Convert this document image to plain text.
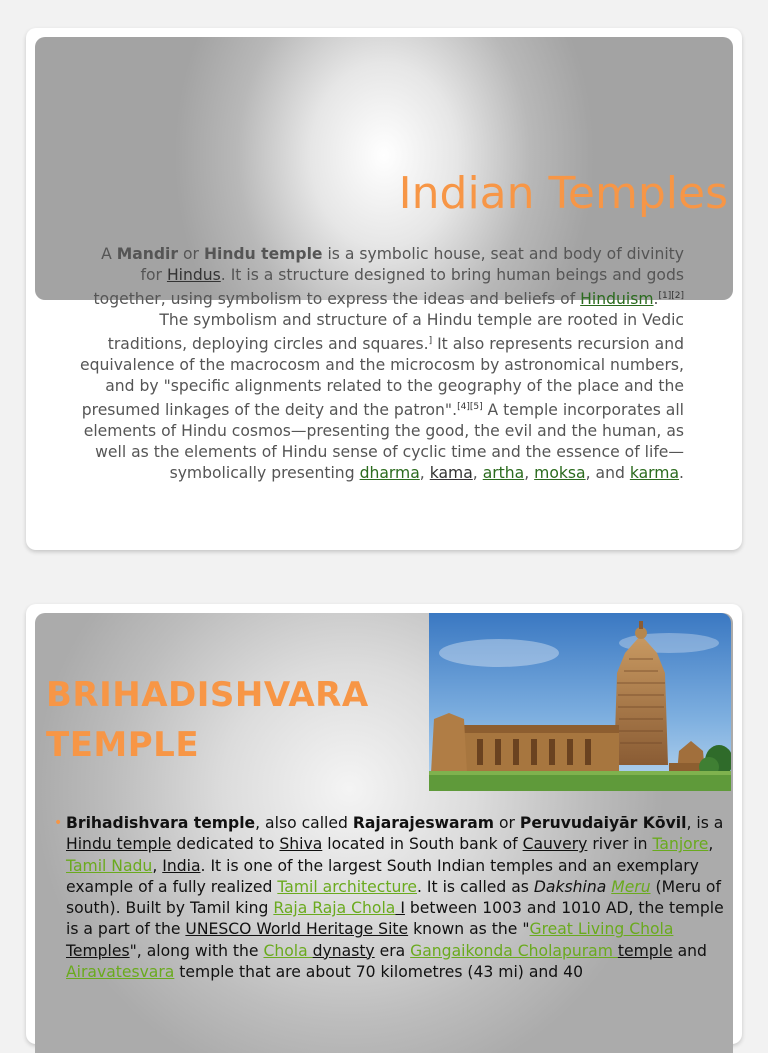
Indian Temples
A Mandir or Hindu temple is a symbolic house, seat and body of divinity for Hindus. It is a structure designed to bring human beings and gods together, using symbolism to express the ideas and beliefs of Hinduism.[1][2] The symbolism and structure of a Hindu temple are rooted in Vedic traditions, deploying circles and squares.] It also represents recursion and equivalence of the macrocosm and the microcosm by astronomical numbers, and by "specific alignments related to the geography of the place and the presumed linkages of the deity and the patron".[4][5] A temple incorporates all elements of Hindu cosmos—presenting the good, the evil and the human, as well as the elements of Hindu sense of cyclic time and the essence of life—symbolically presenting dharma, kama, artha, moksa, and karma.
BRIHADISHVARA TEMPLE
• Brihadishvara temple, also called Rajarajeswaram or Peruvudaiyār Kōvil, is a Hindu temple dedicated to Shiva located in South bank of Cauvery river in Tanjore, Tamil Nadu, India. It is one of the largest South Indian temples and an exemplary example of a fully realized Tamil architecture. It is called as Dakshina Meru (Meru of south). Built by Tamil king Raja Raja Chola I between 1003 and 1010 AD, the temple is a part of the UNESCO World Heritage Site known as the "Great Living Chola Temples", along with the Chola dynasty era Gangaikonda Cholapuram temple and Airavatesvara temple that are about 70 kilometres (43 mi) and 40
